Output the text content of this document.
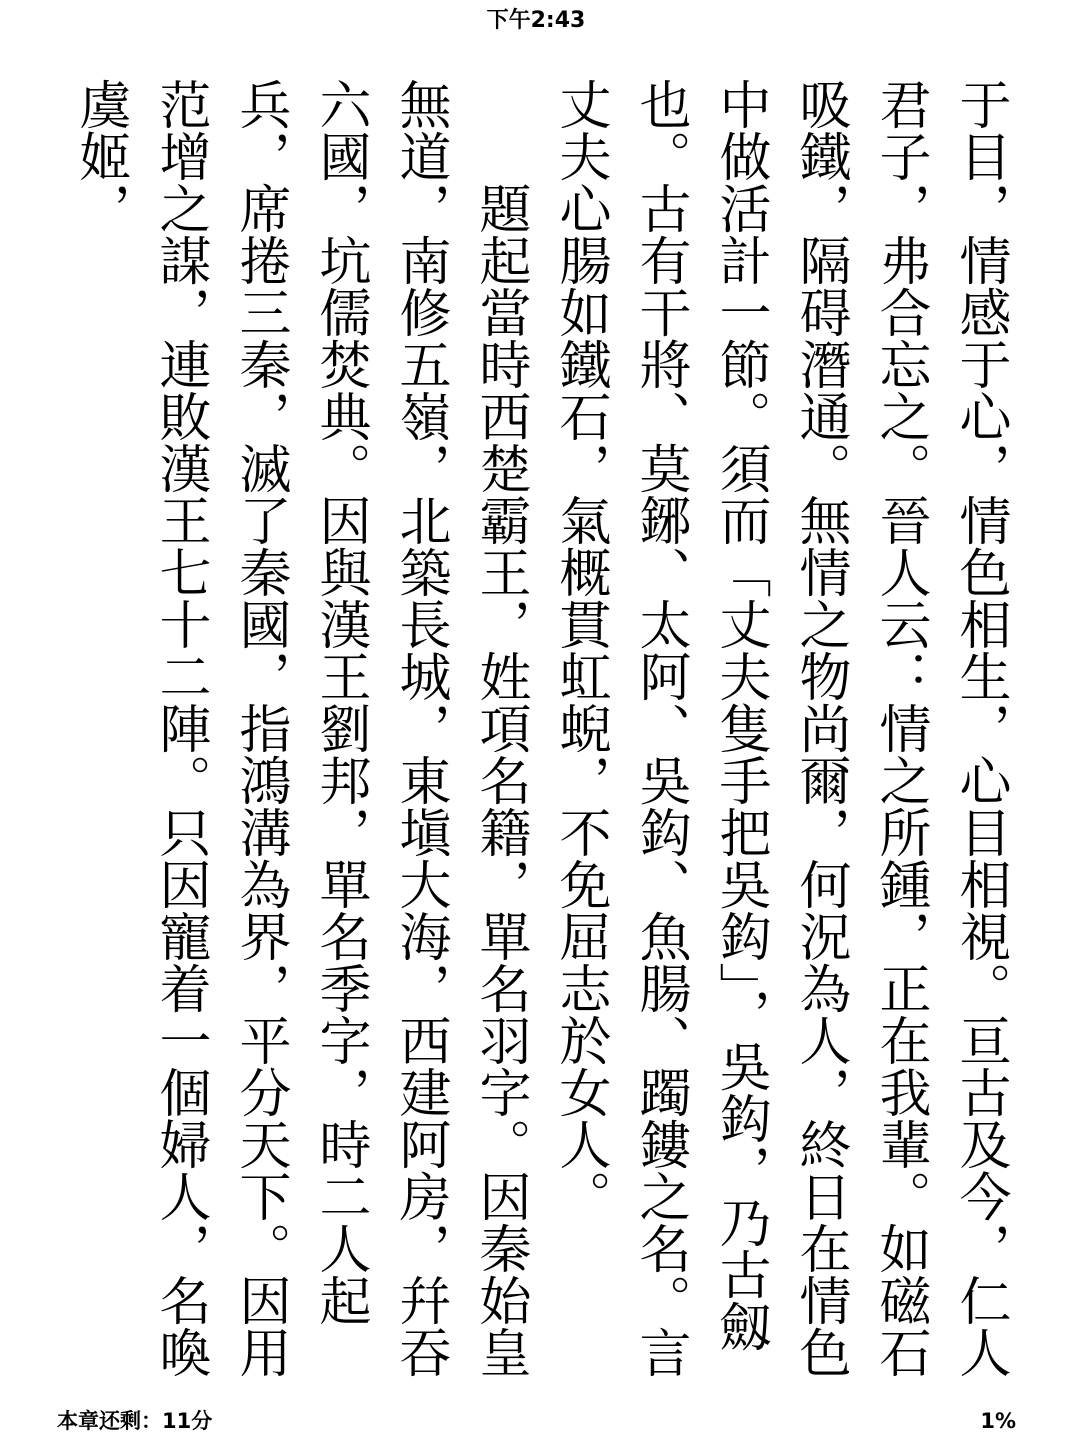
下午2:43

于目，情感于心，情色相生，心目相視。亘古及今，仁人君子，弗合忘之。晉人云：情之所鍾，正在我輩。如磁石吸鐵，隔碍潛通。無情之物尚爾，何況為人，終日在情色中做活計一節。須而「丈夫隻手把吳鈎」，吳鈎，乃古劔也。古有干將、莫鋣、太阿、吳鈎、魚腸、躅鏤之名。言丈夫心腸如鐵石，氣概貫虹蜺，不免屈志於女人。

題起當時西楚霸王，姓項名籍，單名羽字。因秦始皇無道，南修五嶺，北築長城，東塡大海，西建阿房，幷吞六國，坑儒焚典。因與漢王劉邦，單名季字，時二人起兵，席捲三秦，滅了秦國，指鴻溝為界，平分天下。因用范增之謀，連敗漢王七十二陣。只因寵着一個婦人，名喚虞姬，

本章还剩：11分	1%
